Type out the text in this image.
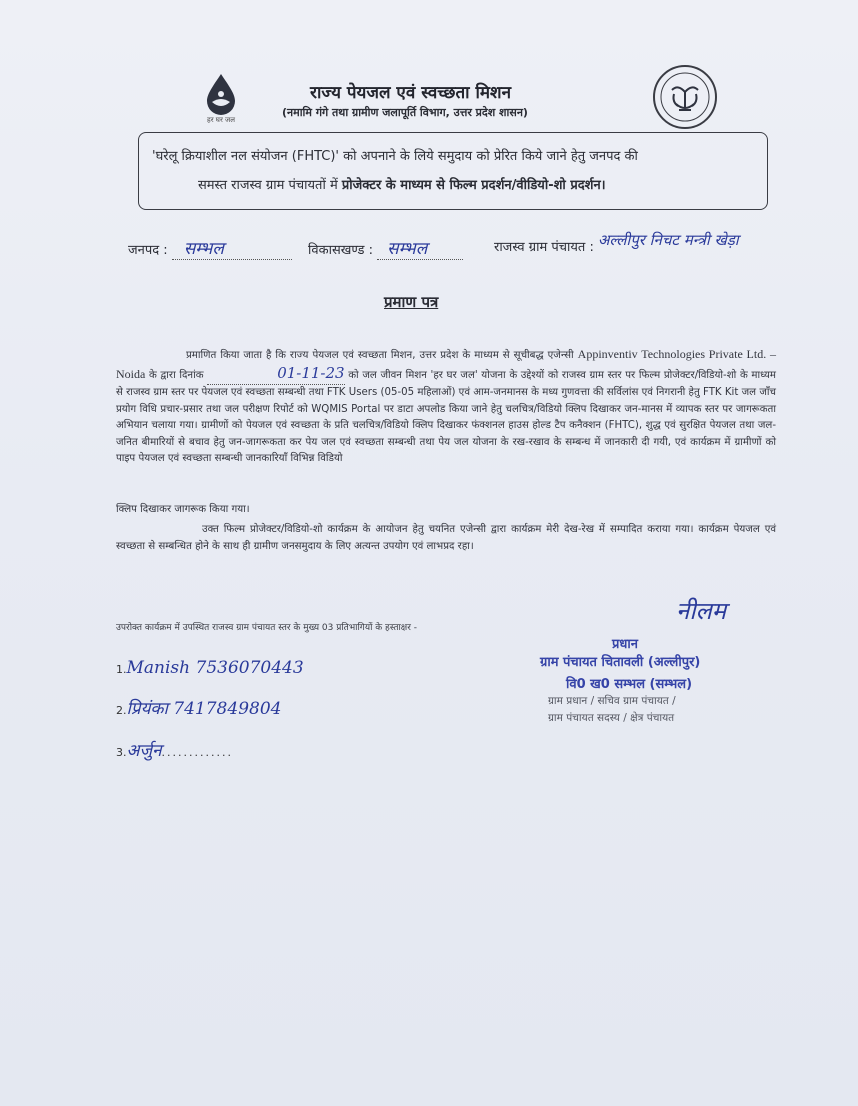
हर घर जल
राज्य पेयजल एवं स्वच्छता मिशन
(नमामि गंगे तथा ग्रामीण जलापूर्ति विभाग, उत्तर प्रदेश शासन)
'घरेलू क्रियाशील नल संयोजन (FHTC)' को अपनाने के लिये समुदाय को प्रेरित किये जाने हेतु जनपद की
समस्त राजस्व ग्राम पंचायतों में प्रोजेक्टर के माध्यम से फिल्म प्रदर्शन/वीडियो-शो प्रदर्शन।
जनपद : सम्भल	विकासखण्ड : सम्भल	राजस्व ग्राम पंचायत : अल्लीपुर निचट मन्त्री खेड़ा
प्रमाण पत्र
प्रमाणित किया जाता है कि राज्य पेयजल एवं स्वच्छता मिशन, उत्तर प्रदेश के माध्यम से सूचीबद्ध एजेन्सी Appinventiv Technologies Private Ltd. – Noida के द्वारा दिनांक	01-11-23 को जल जीवन मिशन 'हर घर जल' योजना के उद्देश्यों को राजस्व ग्राम स्तर पर फिल्म प्रोजेक्टर/विडियो-शो के माध्यम से राजस्व ग्राम स्तर पर पेयजल एवं स्वच्छता सम्बन्धी तथा FTK Users (05-05 महिलाओं) एवं आम-जनमानस के मध्य गुणवत्ता की सर्विलांस एवं निगरानी हेतु FTK Kit जल जाँच प्रयोग विधि प्रचार-प्रसार तथा जल परीक्षण रिपोर्ट को WQMIS Portal पर डाटा अपलोड किया जाने हेतु चलचित्र/विडियो क्लिप दिखाकर जन-मानस में व्यापक स्तर पर जागरूकता अभियान चलाया गया। ग्रामीणों को पेयजल एवं स्वच्छता के प्रति चलचित्र/विडियो क्लिप दिखाकर फंक्शनल हाउस होल्ड टैप कनैक्शन (FHTC), शुद्ध एवं सुरक्षित पेयजल तथा जल-जनित बीमारियों से बचाव हेतु जन-जागरूकता कर पेय जल एवं स्वच्छता सम्बन्धी तथा पेय जल योजना के रख-रखाव के सम्बन्ध में जानकारी दी गयी, एवं कार्यक्रम में ग्रामीणों को पाइप पेयजल एवं स्वच्छता सम्बन्धी जानकारियाँ विभिन्न विडियो
क्लिप दिखाकर जागरूक किया गया।
उक्त फिल्म प्रोजेक्टर/विडियो-शो कार्यक्रम के आयोजन हेतु चयनित एजेन्सी द्वारा कार्यक्रम मेरी देख-रेख में सम्पादित कराया गया। कार्यक्रम पेयजल एवं स्वच्छता से सम्बन्धित होने के साथ ही ग्रामीण जनसमुदाय के लिए अत्यन्त उपयोग एवं लाभप्रद रहा।
उपरोक्त कार्यक्रम में उपस्थित राजस्व ग्राम पंचायत स्तर के मुख्य 03 प्रतिभागियों के हस्ताक्षर -
1.Manish 7536070443
2.प्रियंका 7417849804
3.अर्जुन.............
नीलम
प्रधान
ग्राम पंचायत चितावली (अल्लीपुर)
वि0 ख0 सम्भल (सम्भल)
ग्राम प्रधान / सचिव ग्राम पंचायत /
ग्राम पंचायत सदस्य / क्षेत्र पंचायत
